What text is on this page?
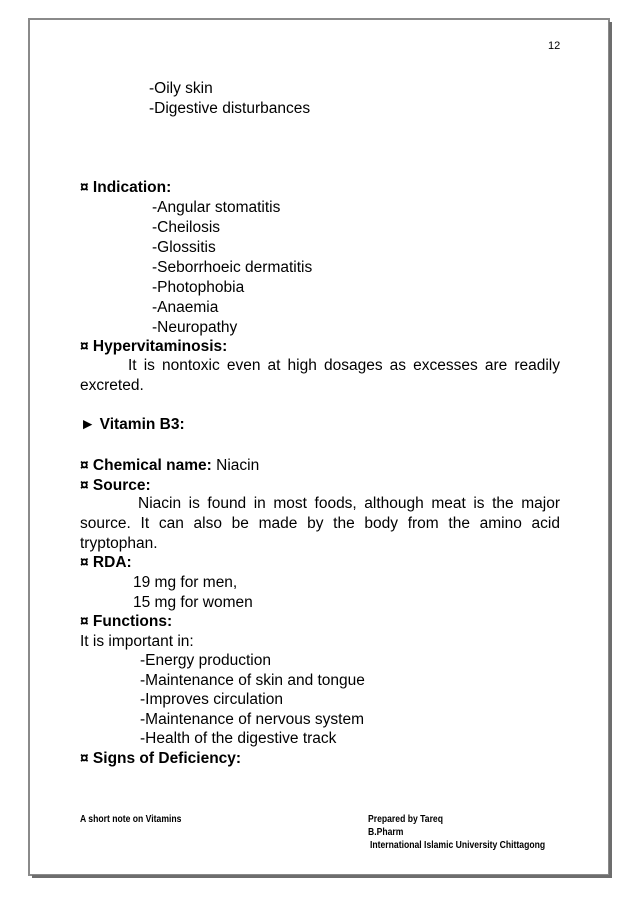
12
-Oily skin
-Digestive disturbances
¤ Indication:
-Angular stomatitis
-Cheilosis
-Glossitis
-Seborrhoeic dermatitis
-Photophobia
-Anaemia
-Neuropathy
¤ Hypervitaminosis:
It is nontoxic even at high dosages as excesses are readily excreted.
► Vitamin B3:
¤ Chemical name: Niacin
¤ Source:
Niacin is found in most foods, although meat is the major source. It can also be made by the body from the amino acid tryptophan.
¤ RDA:
19 mg for men,
15 mg for women
¤ Functions:
It is important in:
-Energy production
-Maintenance of skin and tongue
-Improves circulation
-Maintenance of nervous system
-Health of the digestive track
¤ Signs of Deficiency:
A short note on Vitamins	Prepared by Tareq
B.Pharm
International Islamic University Chittagong
